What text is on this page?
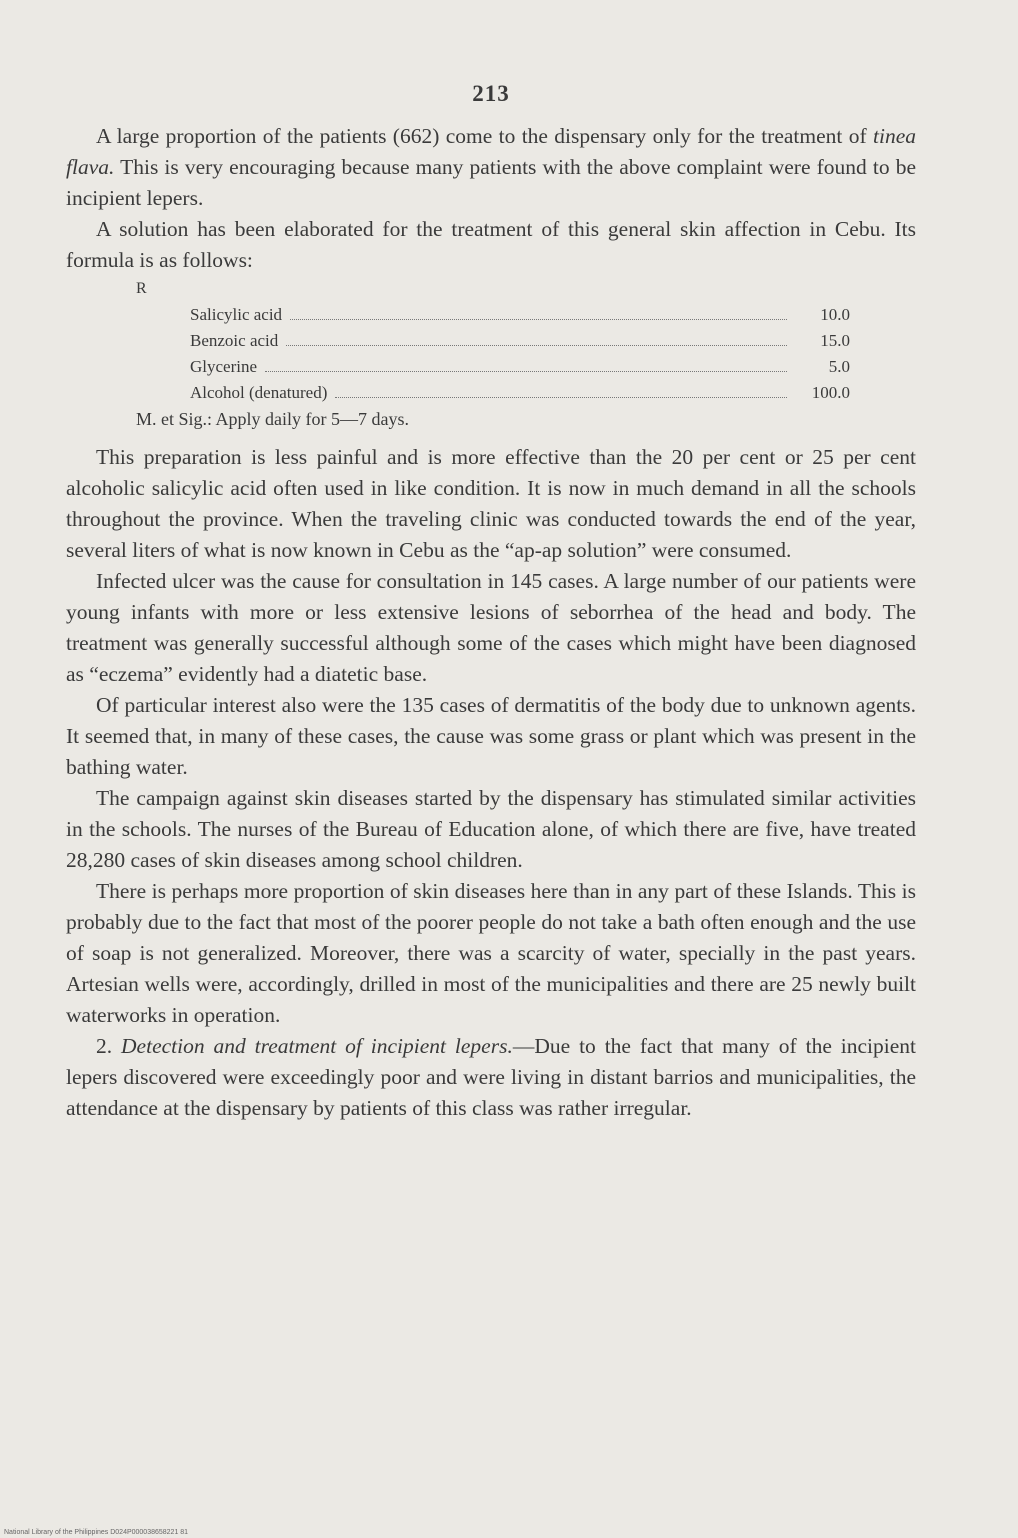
213

A large proportion of the patients (662) come to the dispensary only for the treatment of tinea flava. This is very encouraging because many patients with the above complaint were found to be incipient lepers.

A solution has been elaborated for the treatment of this general skin affection in Cebu. Its formula is as follows:

R
Salicylic acid	10.0
Benzoic acid	15.0
Glycerine	5.0
Alcohol (denatured)	100.0
M. et Sig.: Apply daily for 5—7 days.

This preparation is less painful and is more effective than the 20 per cent or 25 per cent alcoholic salicylic acid often used in like condition. It is now in much demand in all the schools throughout the province. When the traveling clinic was conducted towards the end of the year, several liters of what is now known in Cebu as the “ap-ap solution” were consumed.

Infected ulcer was the cause for consultation in 145 cases. A large number of our patients were young infants with more or less extensive lesions of seborrhea of the head and body. The treatment was generally successful although some of the cases which might have been diagnosed as “eczema” evidently had a diatetic base.

Of particular interest also were the 135 cases of dermatitis of the body due to unknown agents. It seemed that, in many of these cases, the cause was some grass or plant which was present in the bathing water.

The campaign against skin diseases started by the dispensary has stimulated similar activities in the schools. The nurses of the Bureau of Education alone, of which there are five, have treated 28,280 cases of skin diseases among school children.

There is perhaps more proportion of skin diseases here than in any part of these Islands. This is probably due to the fact that most of the poorer people do not take a bath often enough and the use of soap is not generalized. Moreover, there was a scarcity of water, specially in the past years. Artesian wells were, accordingly, drilled in most of the municipalities and there are 25 newly built waterworks in operation.

2. Detection and treatment of incipient lepers.—Due to the fact that many of the incipient lepers discovered were exceedingly poor and were living in distant barrios and municipalities, the attendance at the dispensary by patients of this class was rather irregular.

National Library of the Philippines D024P000038658221 81
